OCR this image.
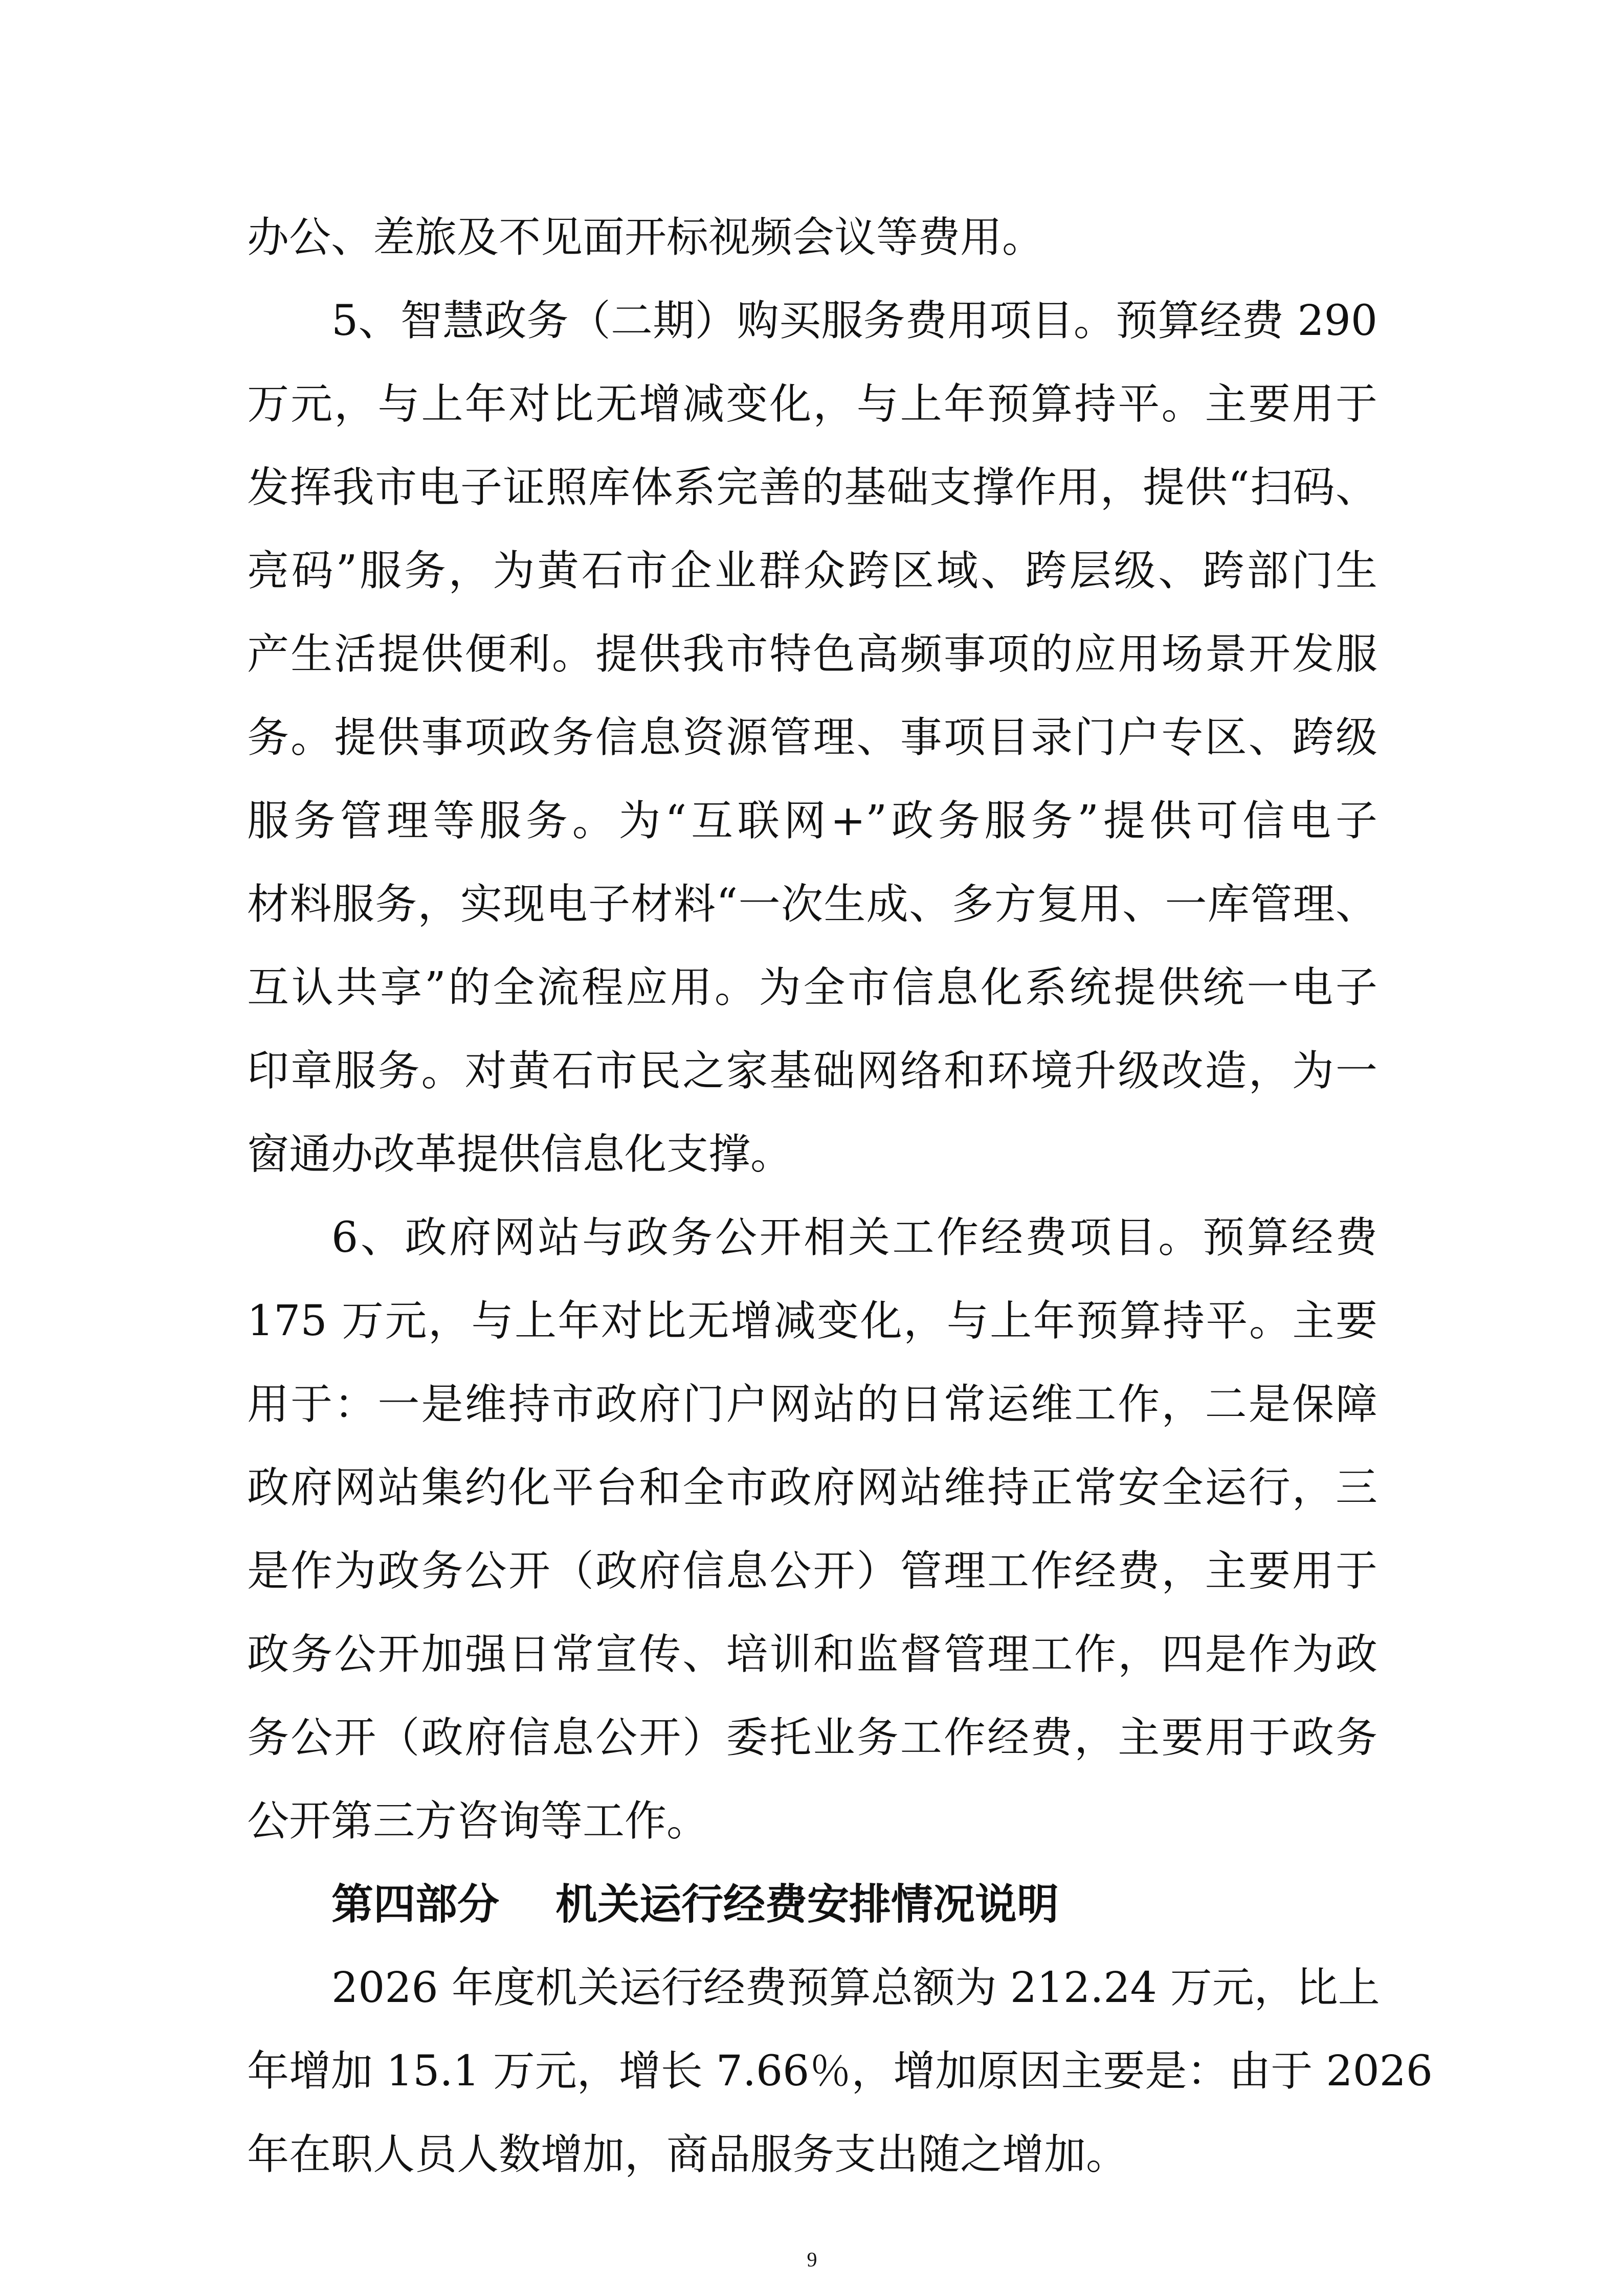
办公、差旅及不见面开标视频会议等费用。
5、智慧政务（二期）购买服务费用项目。预算经费 290
万元，与上年对比无增减变化，与上年预算持平。主要用于
发挥我市电子证照库体系完善的基础支撑作用，提供“扫码、
亮码”服务，为黄石市企业群众跨区域、跨层级、跨部门生
产生活提供便利。提供我市特色高频事项的应用场景开发服
务。提供事项政务信息资源管理、事项目录门户专区、跨级
服务管理等服务。为“互联网+”政务服务”提供可信电子
材料服务，实现电子材料“一次生成、多方复用、一库管理、
互认共享”的全流程应用。为全市信息化系统提供统一电子
印章服务。对黄石市民之家基础网络和环境升级改造，为一
窗通办改革提供信息化支撑。
6、政府网站与政务公开相关工作经费项目。预算经费
175 万元，与上年对比无增减变化，与上年预算持平。主要
用于：一是维持市政府门户网站的日常运维工作，二是保障
政府网站集约化平台和全市政府网站维持正常安全运行，三
是作为政务公开（政府信息公开）管理工作经费，主要用于
政务公开加强日常宣传、培训和监督管理工作，四是作为政
务公开（政府信息公开）委托业务工作经费，主要用于政务
公开第三方咨询等工作。
第四部分 机关运行经费安排情况说明
2026 年度机关运行经费预算总额为 212.24 万元，比上
年增加 15.1 万元，增长 7.66％，增加原因主要是：由于 2026
年在职人员人数增加，商品服务支出随之增加。
9
